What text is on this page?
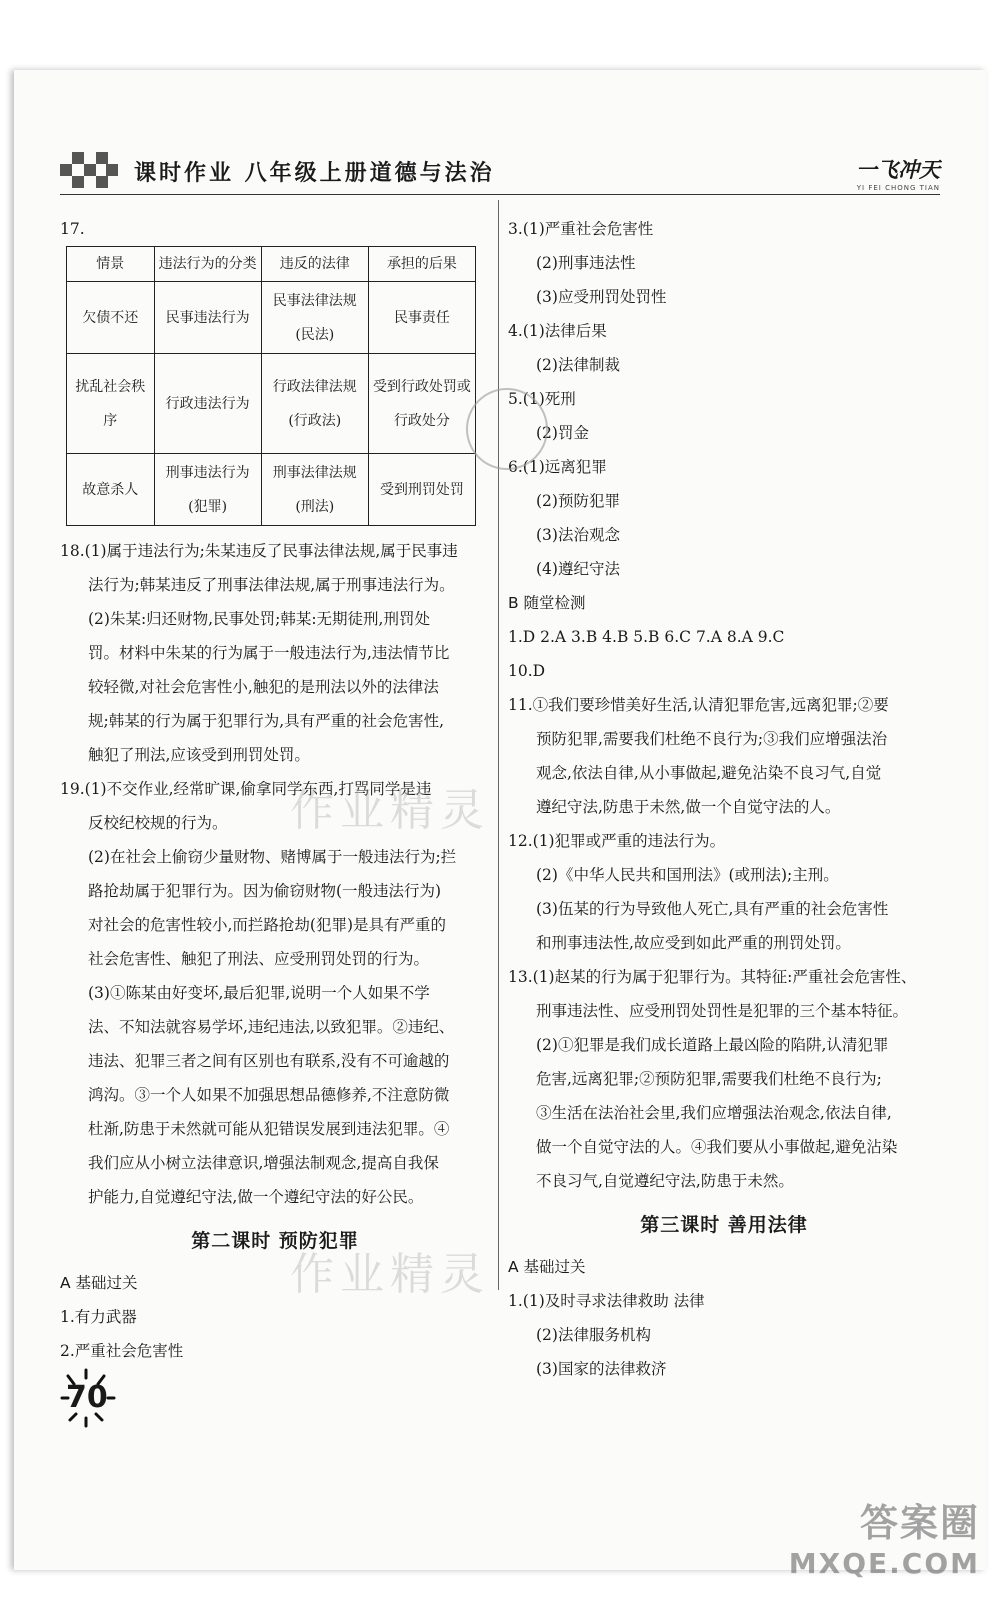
课时作业 八年级上册道德与法治	一飞冲天
YI FEI CHONG TIAN
17.
情景	违法行为的分类	违反的法律	承担的后果
欠债不还	民事违法行为	民事法律法规(民法)	民事责任
扰乱社会秩序	行政违法行为	行政法律法规(行政法)	受到行政处罚或行政处分
故意杀人	刑事违法行为(犯罪)	刑事法律法规(刑法)	受到刑罚处罚
18.(1)属于违法行为;朱某违反了民事法律法规,属于民事违
法行为;韩某违反了刑事法律法规,属于刑事违法行为。
(2)朱某:归还财物,民事处罚;韩某:无期徒刑,刑罚处
罚。材料中朱某的行为属于一般违法行为,违法情节比
较轻微,对社会危害性小,触犯的是刑法以外的法律法
规;韩某的行为属于犯罪行为,具有严重的社会危害性,
触犯了刑法,应该受到刑罚处罚。
19.(1)不交作业,经常旷课,偷拿同学东西,打骂同学是违
反校纪校规的行为。
(2)在社会上偷窃少量财物、赌博属于一般违法行为;拦
路抢劫属于犯罪行为。因为偷窃财物(一般违法行为)
对社会的危害性较小,而拦路抢劫(犯罪)是具有严重的
社会危害性、触犯了刑法、应受刑罚处罚的行为。
(3)①陈某由好变坏,最后犯罪,说明一个人如果不学
法、不知法就容易学坏,违纪违法,以致犯罪。②违纪、
违法、犯罪三者之间有区别也有联系,没有不可逾越的
鸿沟。③一个人如果不加强思想品德修养,不注意防微
杜渐,防患于未然就可能从犯错误发展到违法犯罪。④
我们应从小树立法律意识,增强法制观念,提高自我保
护能力,自觉遵纪守法,做一个遵纪守法的好公民。
第二课时 预防犯罪
A 基础过关
1.有力武器
2.严重社会危害性
3.(1)严重社会危害性
(2)刑事违法性
(3)应受刑罚处罚性
4.(1)法律后果
(2)法律制裁
5.(1)死刑
(2)罚金
6.(1)远离犯罪
(2)预防犯罪
(3)法治观念
(4)遵纪守法
B 随堂检测
1.D 2.A 3.B 4.B 5.B 6.C 7.A 8.A 9.C
10.D
11.①我们要珍惜美好生活,认清犯罪危害,远离犯罪;②要
预防犯罪,需要我们杜绝不良行为;③我们应增强法治
观念,依法自律,从小事做起,避免沾染不良习气,自觉
遵纪守法,防患于未然,做一个自觉守法的人。
12.(1)犯罪或严重的违法行为。
(2)《中华人民共和国刑法》(或刑法);主刑。
(3)伍某的行为导致他人死亡,具有严重的社会危害性
和刑事违法性,故应受到如此严重的刑罚处罚。
13.(1)赵某的行为属于犯罪行为。其特征:严重社会危害性、
刑事违法性、应受刑罚处罚性是犯罪的三个基本特征。
(2)①犯罪是我们成长道路上最凶险的陷阱,认清犯罪
危害,远离犯罪;②预防犯罪,需要我们杜绝不良行为;
③生活在法治社会里,我们应增强法治观念,依法自律,
做一个自觉守法的人。④我们要从小事做起,避免沾染
不良习气,自觉遵纪守法,防患于未然。
第三课时 善用法律
A 基础过关
1.(1)及时寻求法律救助 法律
(2)法律服务机构
(3)国家的法律救济
作业精灵
作业精灵
70
答案圈
MXQE.COM
